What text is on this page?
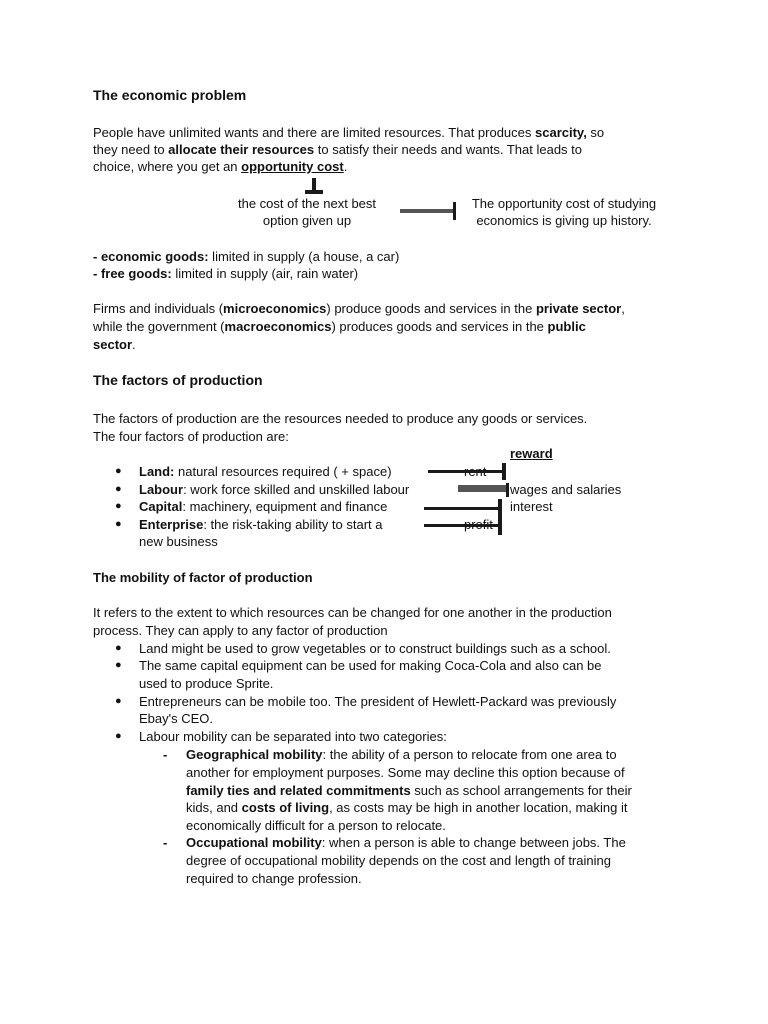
The economic problem
People have unlimited wants and there are limited resources. That produces scarcity, so
they need to allocate their resources to satisfy their needs and wants. That leads to
choice, where you get an opportunity cost.
the cost of the next best
option given up
The opportunity cost of studying
economics is giving up history.
- economic goods: limited in supply (a house, a car)
- free goods: limited in supply (air, rain water)
Firms and individuals (microeconomics) produce goods and services in the private sector,
while the government (macroeconomics) produces goods and services in the public
sector.
The factors of production
The factors of production are the resources needed to produce any goods or services.
The four factors of production are:
reward
● Land: natural resources required ( + space)
● Labour: work force skilled and unskilled labour	wages and salaries
● Capital: machinery, equipment and finance	interest
● Enterprise: the risk-taking ability to start a
new business
The mobility of factor of production
It refers to the extent to which resources can be changed for one another in the production
process. They can apply to any factor of production
● Land might be used to grow vegetables or to construct buildings such as a school.
● The same capital equipment can be used for making Coca-Cola and also can be
used to produce Sprite.
● Entrepreneurs can be mobile too. The president of Hewlett-Packard was previously
Ebay's CEO.
● Labour mobility can be separated into two categories:
- Geographical mobility: the ability of a person to relocate from one area to
another for employment purposes. Some may decline this option because of
family ties and related commitments such as school arrangements for their
kids, and costs of living, as costs may be high in another location, making it
economically difficult for a person to relocate.
- Occupational mobility: when a person is able to change between jobs. The
degree of occupational mobility depends on the cost and length of training
required to change profession.
